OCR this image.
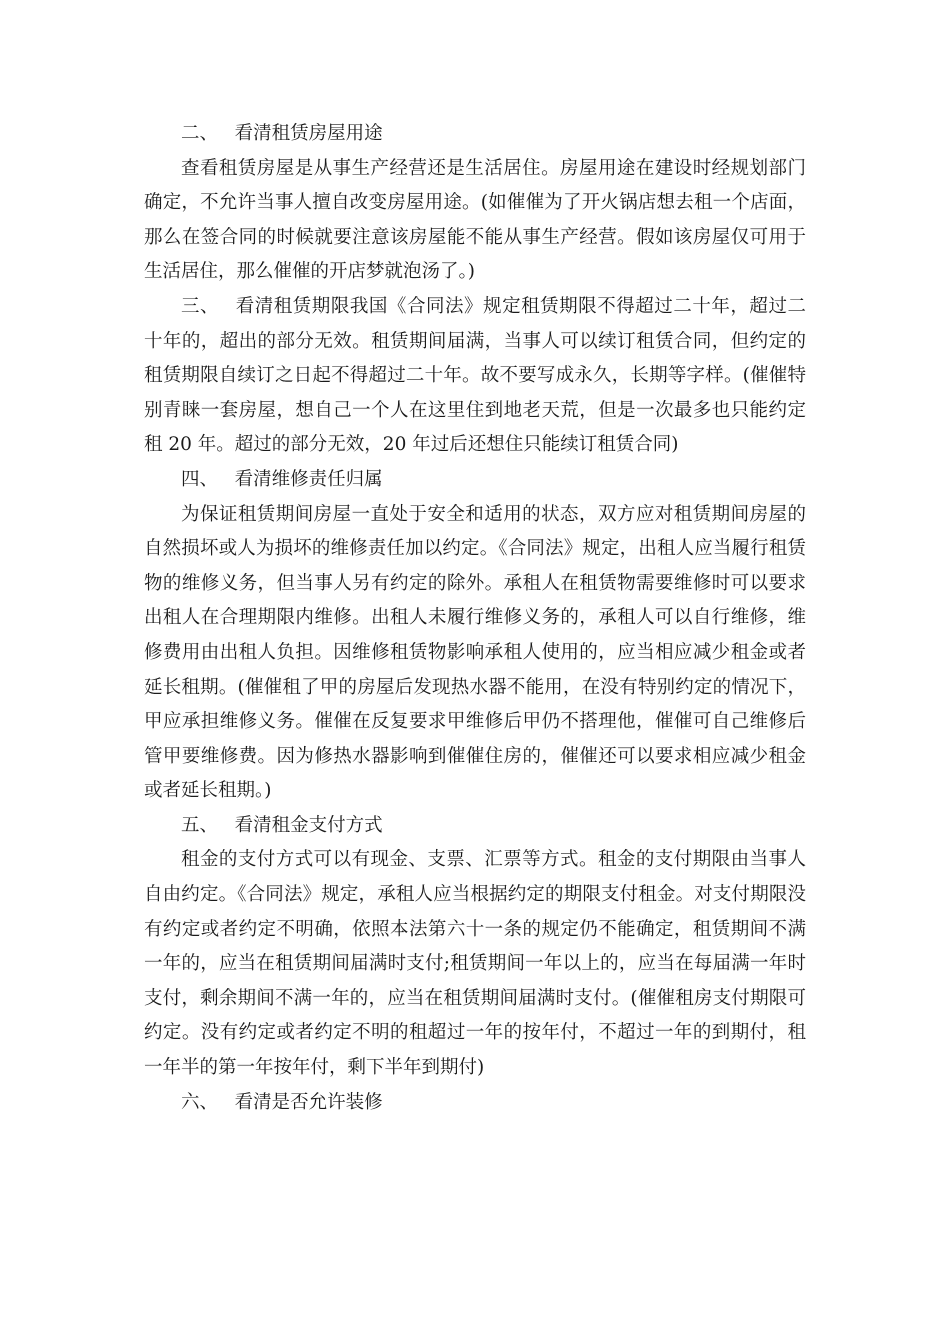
二、 看清租赁房屋用途

查看租赁房屋是从事生产经营还是生活居住。房屋用途在建设时经规划部门确定，不允许当事人擅自改变房屋用途。(如催催为了开火锅店想去租一个店面，那么在签合同的时候就要注意该房屋能不能从事生产经营。假如该房屋仅可用于生活居住，那么催催的开店梦就泡汤了。)

三、 看清租赁期限我国《合同法》规定租赁期限不得超过二十年，超过二十年的，超出的部分无效。租赁期间届满，当事人可以续订租赁合同，但约定的租赁期限自续订之日起不得超过二十年。故不要写成永久，长期等字样。(催催特别青睐一套房屋，想自己一个人在这里住到地老天荒，但是一次最多也只能约定租 20 年。超过的部分无效，20 年过后还想住只能续订租赁合同)

四、 看清维修责任归属

为保证租赁期间房屋一直处于安全和适用的状态，双方应对租赁期间房屋的自然损坏或人为损坏的维修责任加以约定。《合同法》规定，出租人应当履行租赁物的维修义务，但当事人另有约定的除外。承租人在租赁物需要维修时可以要求出租人在合理期限内维修。出租人未履行维修义务的，承租人可以自行维修，维修费用由出租人负担。因维修租赁物影响承租人使用的，应当相应减少租金或者延长租期。(催催租了甲的房屋后发现热水器不能用，在没有特别约定的情况下，甲应承担维修义务。催催在反复要求甲维修后甲仍不搭理他，催催可自己维修后管甲要维修费。因为修热水器影响到催催住房的，催催还可以要求相应减少租金或者延长租期。)

五、 看清租金支付方式

租金的支付方式可以有现金、支票、汇票等方式。租金的支付期限由当事人自由约定。《合同法》规定，承租人应当根据约定的期限支付租金。对支付期限没有约定或者约定不明确，依照本法第六十一条的规定仍不能确定，租赁期间不满一年的，应当在租赁期间届满时支付;租赁期间一年以上的，应当在每届满一年时支付，剩余期间不满一年的，应当在租赁期间届满时支付。(催催租房支付期限可约定。没有约定或者约定不明的租超过一年的按年付，不超过一年的到期付，租一年半的第一年按年付，剩下半年到期付)

六、 看清是否允许装修
